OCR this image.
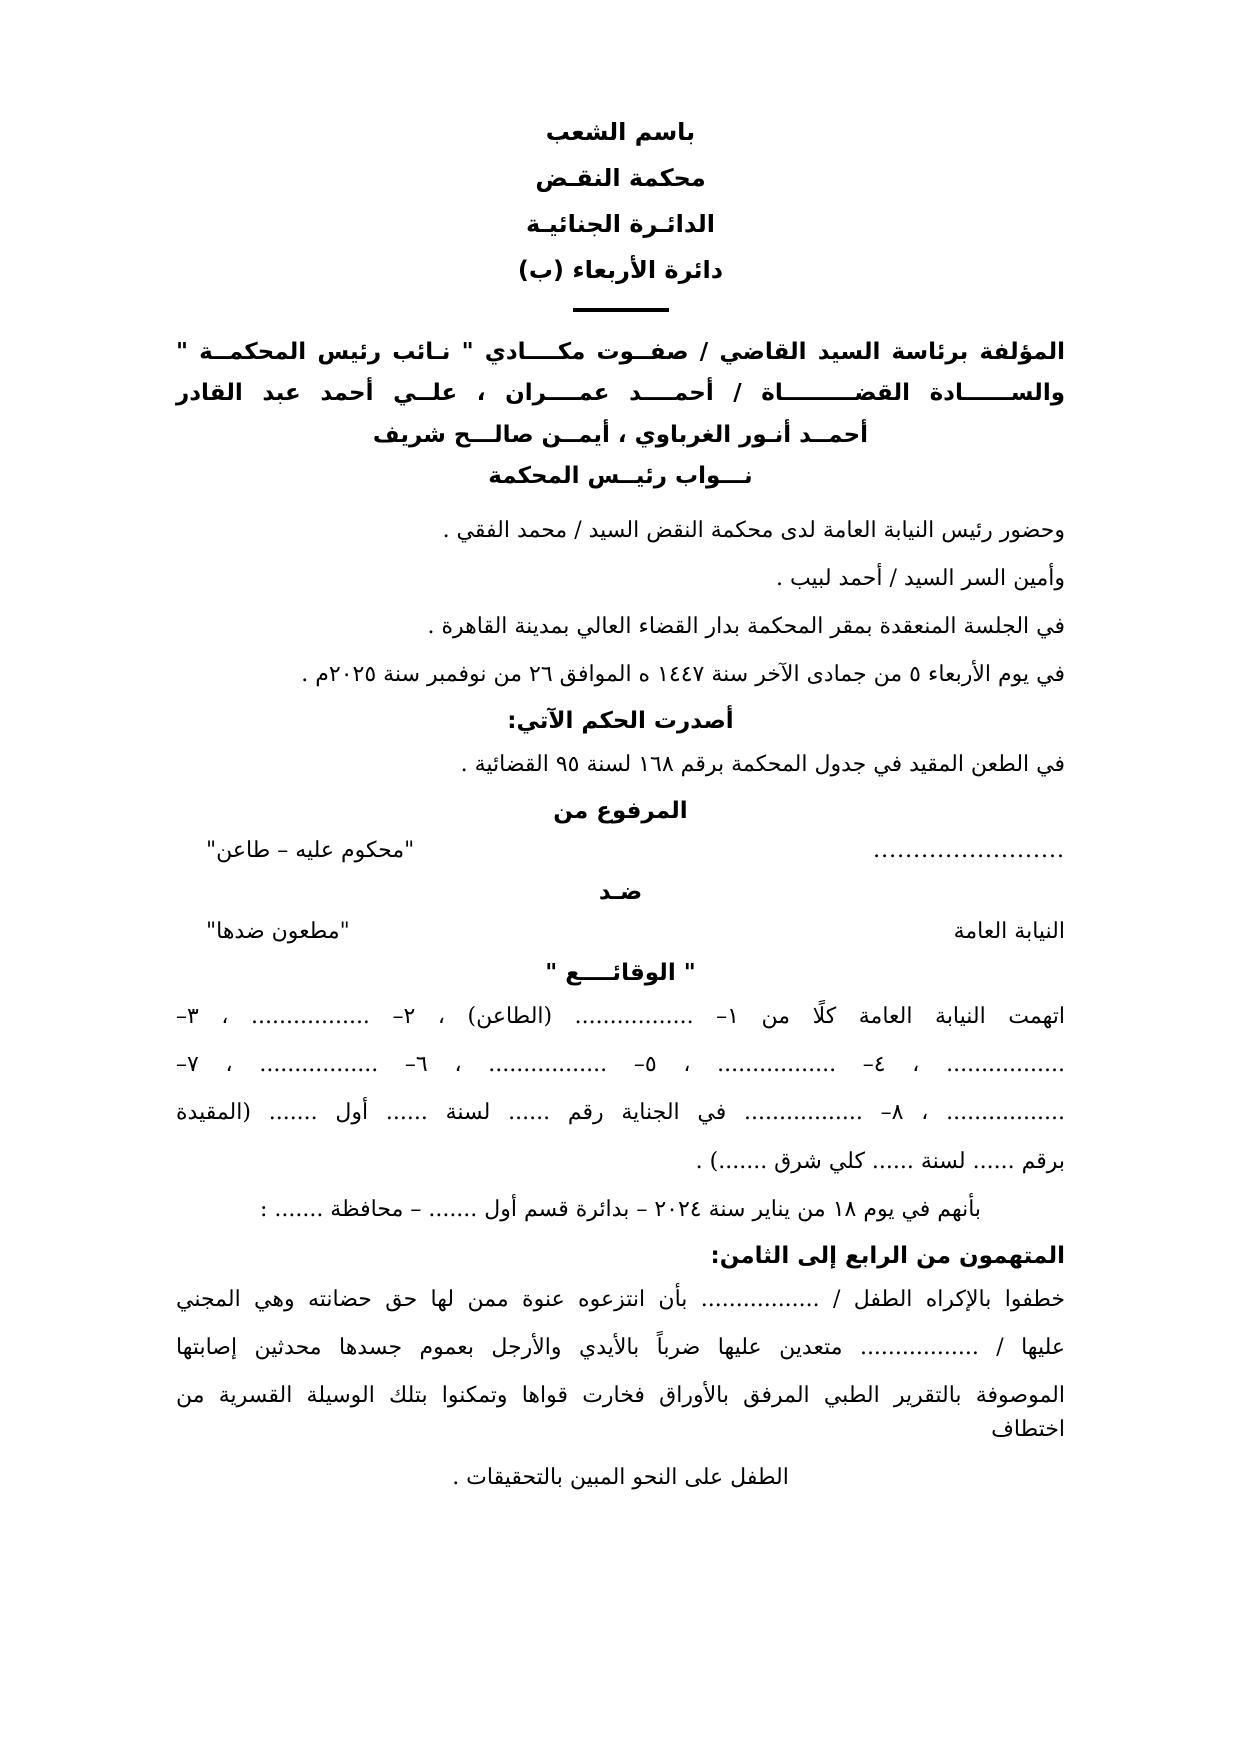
باسم الشعب
محكمة النقـض
الدائـرة الجنائيـة
دائرة الأربعاء (ب)
المؤلفة برئاسة السيد القاضي / صفــوت مكــــادي " نـائب رئيس المحكمــة "
والســــــادة القضـــــــــاة / أحمــــد عمــــران ، علــي أحمد عبد القادر
أحمــد أنـور الغرباوي ، أيمــن صالـــح شريف
نـــواب رئيــس المحكمة
وحضور رئيس النيابة العامة لدى محكمة النقض السيد / محمد الفقي .
وأمين السر السيد / أحمد لبيب .
في الجلسة المنعقدة بمقر المحكمة بدار القضاء العالي بمدينة القاهرة .
في يوم الأربعاء ٥ من جمادى الآخر سنة ١٤٤٧ ه الموافق ٢٦ من نوفمبر سنة ٢٠٢٥م .
أصدرت الحكم الآتي:
في الطعن المقيد في جدول المحكمة برقم ١٦٨ لسنة ٩٥ القضائية .
المرفوع من
........................
"محكوم عليه – طاعن"
ضـد
النيابة العامة
"مطعون ضدها"
" الوقائــــع "
اتهمت النيابة العامة كلًا من ١– ................. (الطاعن) ، ٢– ................. ، ٣–
................. ، ٤– ................. ، ٥– ................. ، ٦– ................. ، ٧–
................. ، ٨– ................. في الجناية رقم ...... لسنة ...... أول ....... (المقيدة
برقم ...... لسنة ...... كلي شرق .......) .
بأنهم في يوم ١٨ من يناير سنة ٢٠٢٤ – بدائرة قسم أول ....... – محافظة ....... :
المتهمون من الرابع إلى الثامن:
خطفوا بالإكراه الطفل / ................. بأن انتزعوه عنوة ممن لها حق حضانته وهي المجني
عليها / ................. متعدين عليها ضرباً بالأيدي والأرجل بعموم جسدها محدثين إصابتها
الموصوفة بالتقرير الطبي المرفق بالأوراق فخارت قواها وتمكنوا بتلك الوسيلة القسرية من اختطاف
الطفل على النحو المبين بالتحقيقات .
